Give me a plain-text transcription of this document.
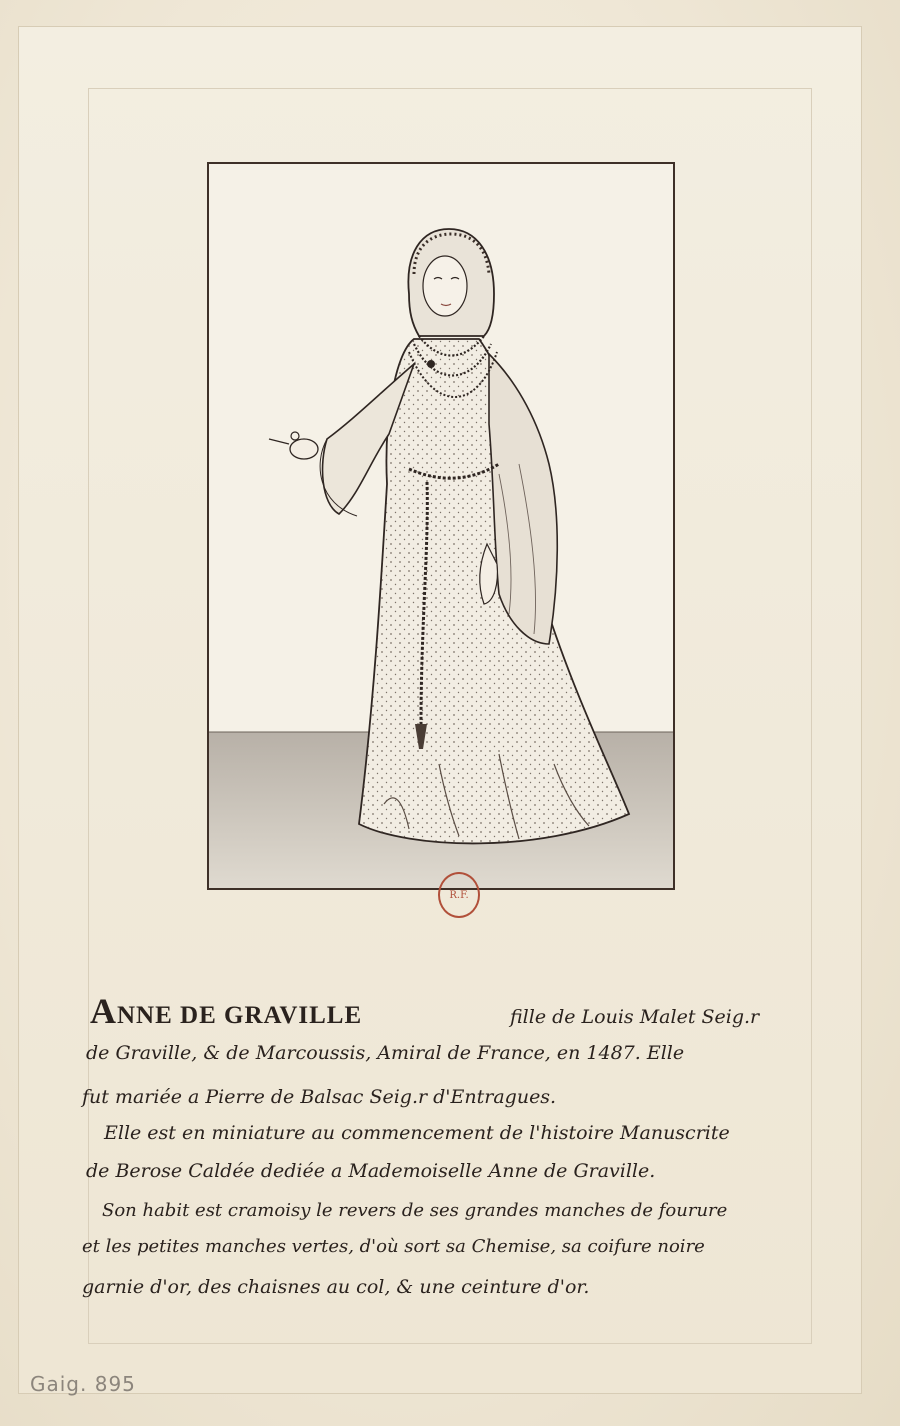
R.F.
ANNE DE GRAVILLE	fille de Louis Malet Seig.r
de Graville, & de Marcoussis, Amiral de France, en 1487. Elle
fut mariée a Pierre de Balsac Seig.r d'Entragues.
Elle est en miniature au commencement de l'histoire Manuscrite
de Berose Caldée dediée a Mademoiselle Anne de Graville.
Son habit est cramoisy le revers de ses grandes manches de fourure
et les petites manches vertes, d'où sort sa Chemise, sa coifure noire
garnie d'or, des chaisnes au col, & une ceinture d'or.
Gaig. 895
